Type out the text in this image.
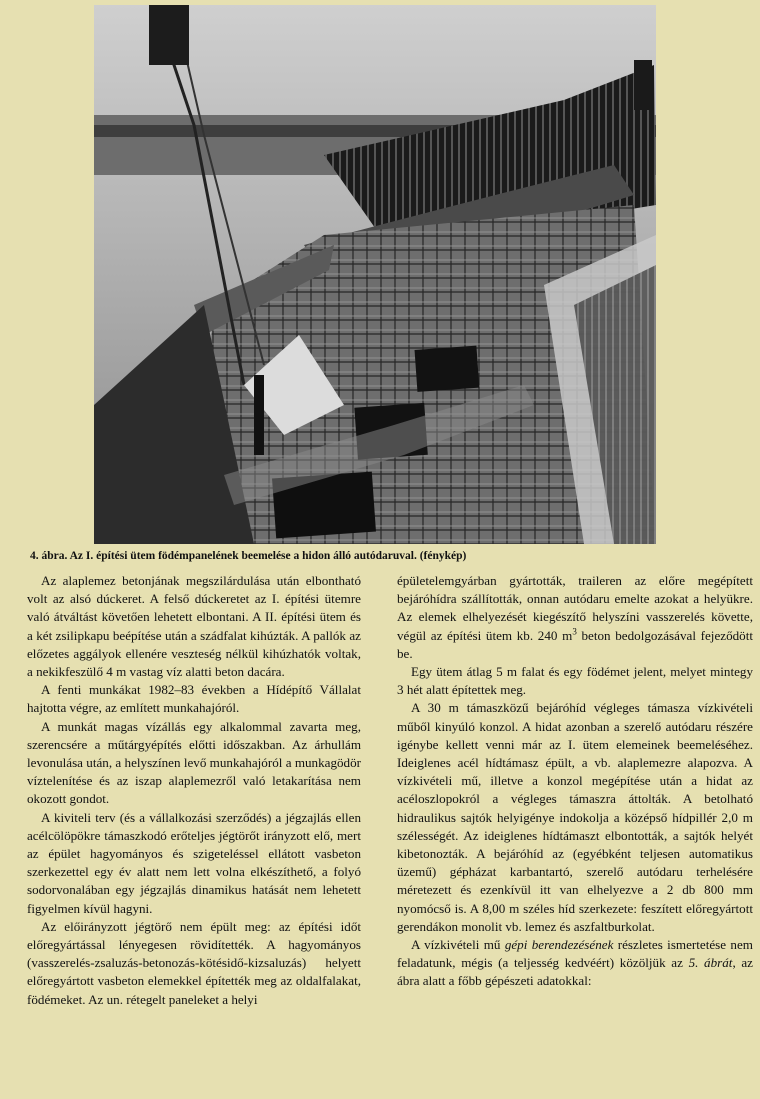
4. ábra. Az I. építési ütem födémpanelének beemelése a hidon álló autódaruval. (fénykép)

Az alaplemez betonjának megszilárdulása után elbontható volt az alsó dúckeret. A felső dúckeretet az I. építési ütemre való átváltást követően lehetett elbontani. A II. építési ütem és a két zsilipkapu beépítése után a szádfalat kihúzták. A pallók az előzetes aggályok ellenére veszteség nélkül kihúzhatók voltak, a nekikfeszülő 4 m vastag víz alatti beton dacára.

A fenti munkákat 1982–83 években a Hídépítő Vállalat hajtotta végre, az említett munkahajóról.

A munkát magas vízállás egy alkalommal zavarta meg, szerencsére a műtárgyépítés előtti időszakban. Az árhullám levonulása után, a helyszínen levő munkahajóról a munkagödör víztelenítése és az iszap alaplemezről való letakarítása nem okozott gondot.

A kiviteli terv (és a vállalkozási szerződés) a jégzajlás ellen acélcölöpökre támaszkodó erőteljes jégtörőt irányzott elő, mert az épület hagyományos és szigeteléssel ellátott vasbeton szerkezettel egy év alatt nem lett volna elkészíthető, a folyó sodorvonalában egy jégzajlás dinamikus hatását nem lehetett figyelmen kívül hagyni.

Az előirányzott jégtörő nem épült meg: az építési időt előregyártással lényegesen rövidítették. A hagyományos (vasszerelés-zsaluzás-betonozás-kötésidő-kizsaluzás) helyett előregyártott vasbeton elemekkel építették meg az oldalfalakat, födémeket. Az un. rétegelt paneleket a helyi

épületelemgyárban gyártották, traileren az előre megépített bejáróhídra szállították, onnan autódaru emelte azokat a helyükre. Az elemek elhelyezését kiegészítő helyszíni vasszerelés követte, végül az építési ütem kb. 240 $m^3$ beton bedolgozásával fejeződött be.

Egy ütem átlag 5 m falat és egy födémet jelent, melyet mintegy 3 hét alatt építettek meg.

A 30 m támaszközű bejáróhíd végleges támasza vízkivételi műből kinyúló konzol. A hidat azonban a szerelő autódaru részére igénybe kellett venni már az I. ütem elemeinek beemeléséhez. Ideiglenes acél hídtámasz épült, a vb. alaplemezre alapozva. A vízkivételi mű, illetve a konzol megépítése után a hidat az acéloszlopokról a végleges támaszra áttolták. A betolható hidraulikus sajtók helyigénye indokolja a középső hídpillér 2,0 m szélességét. Az ideiglenes hídtámaszt elbontották, a sajtók helyét kibetonozták. A bejáróhíd az (egyébként teljesen automatikus üzemű) gépházat karbantartó, szerelő autódaru terhelésére méretezett és ezenkívül itt van elhelyezve a 2 db 800 mm nyomócső is. A 8,00 m széles híd szerkezete: feszített előregyártott gerendákon monolit vb. lemez és aszfaltburkolat.

A vízkivételi mű gépi berendezésének részletes ismertetése nem feladatunk, mégis (a teljesség kedvéért) közöljük az 5. ábrát, az ábra alatt a főbb gépészeti adatokkal:
